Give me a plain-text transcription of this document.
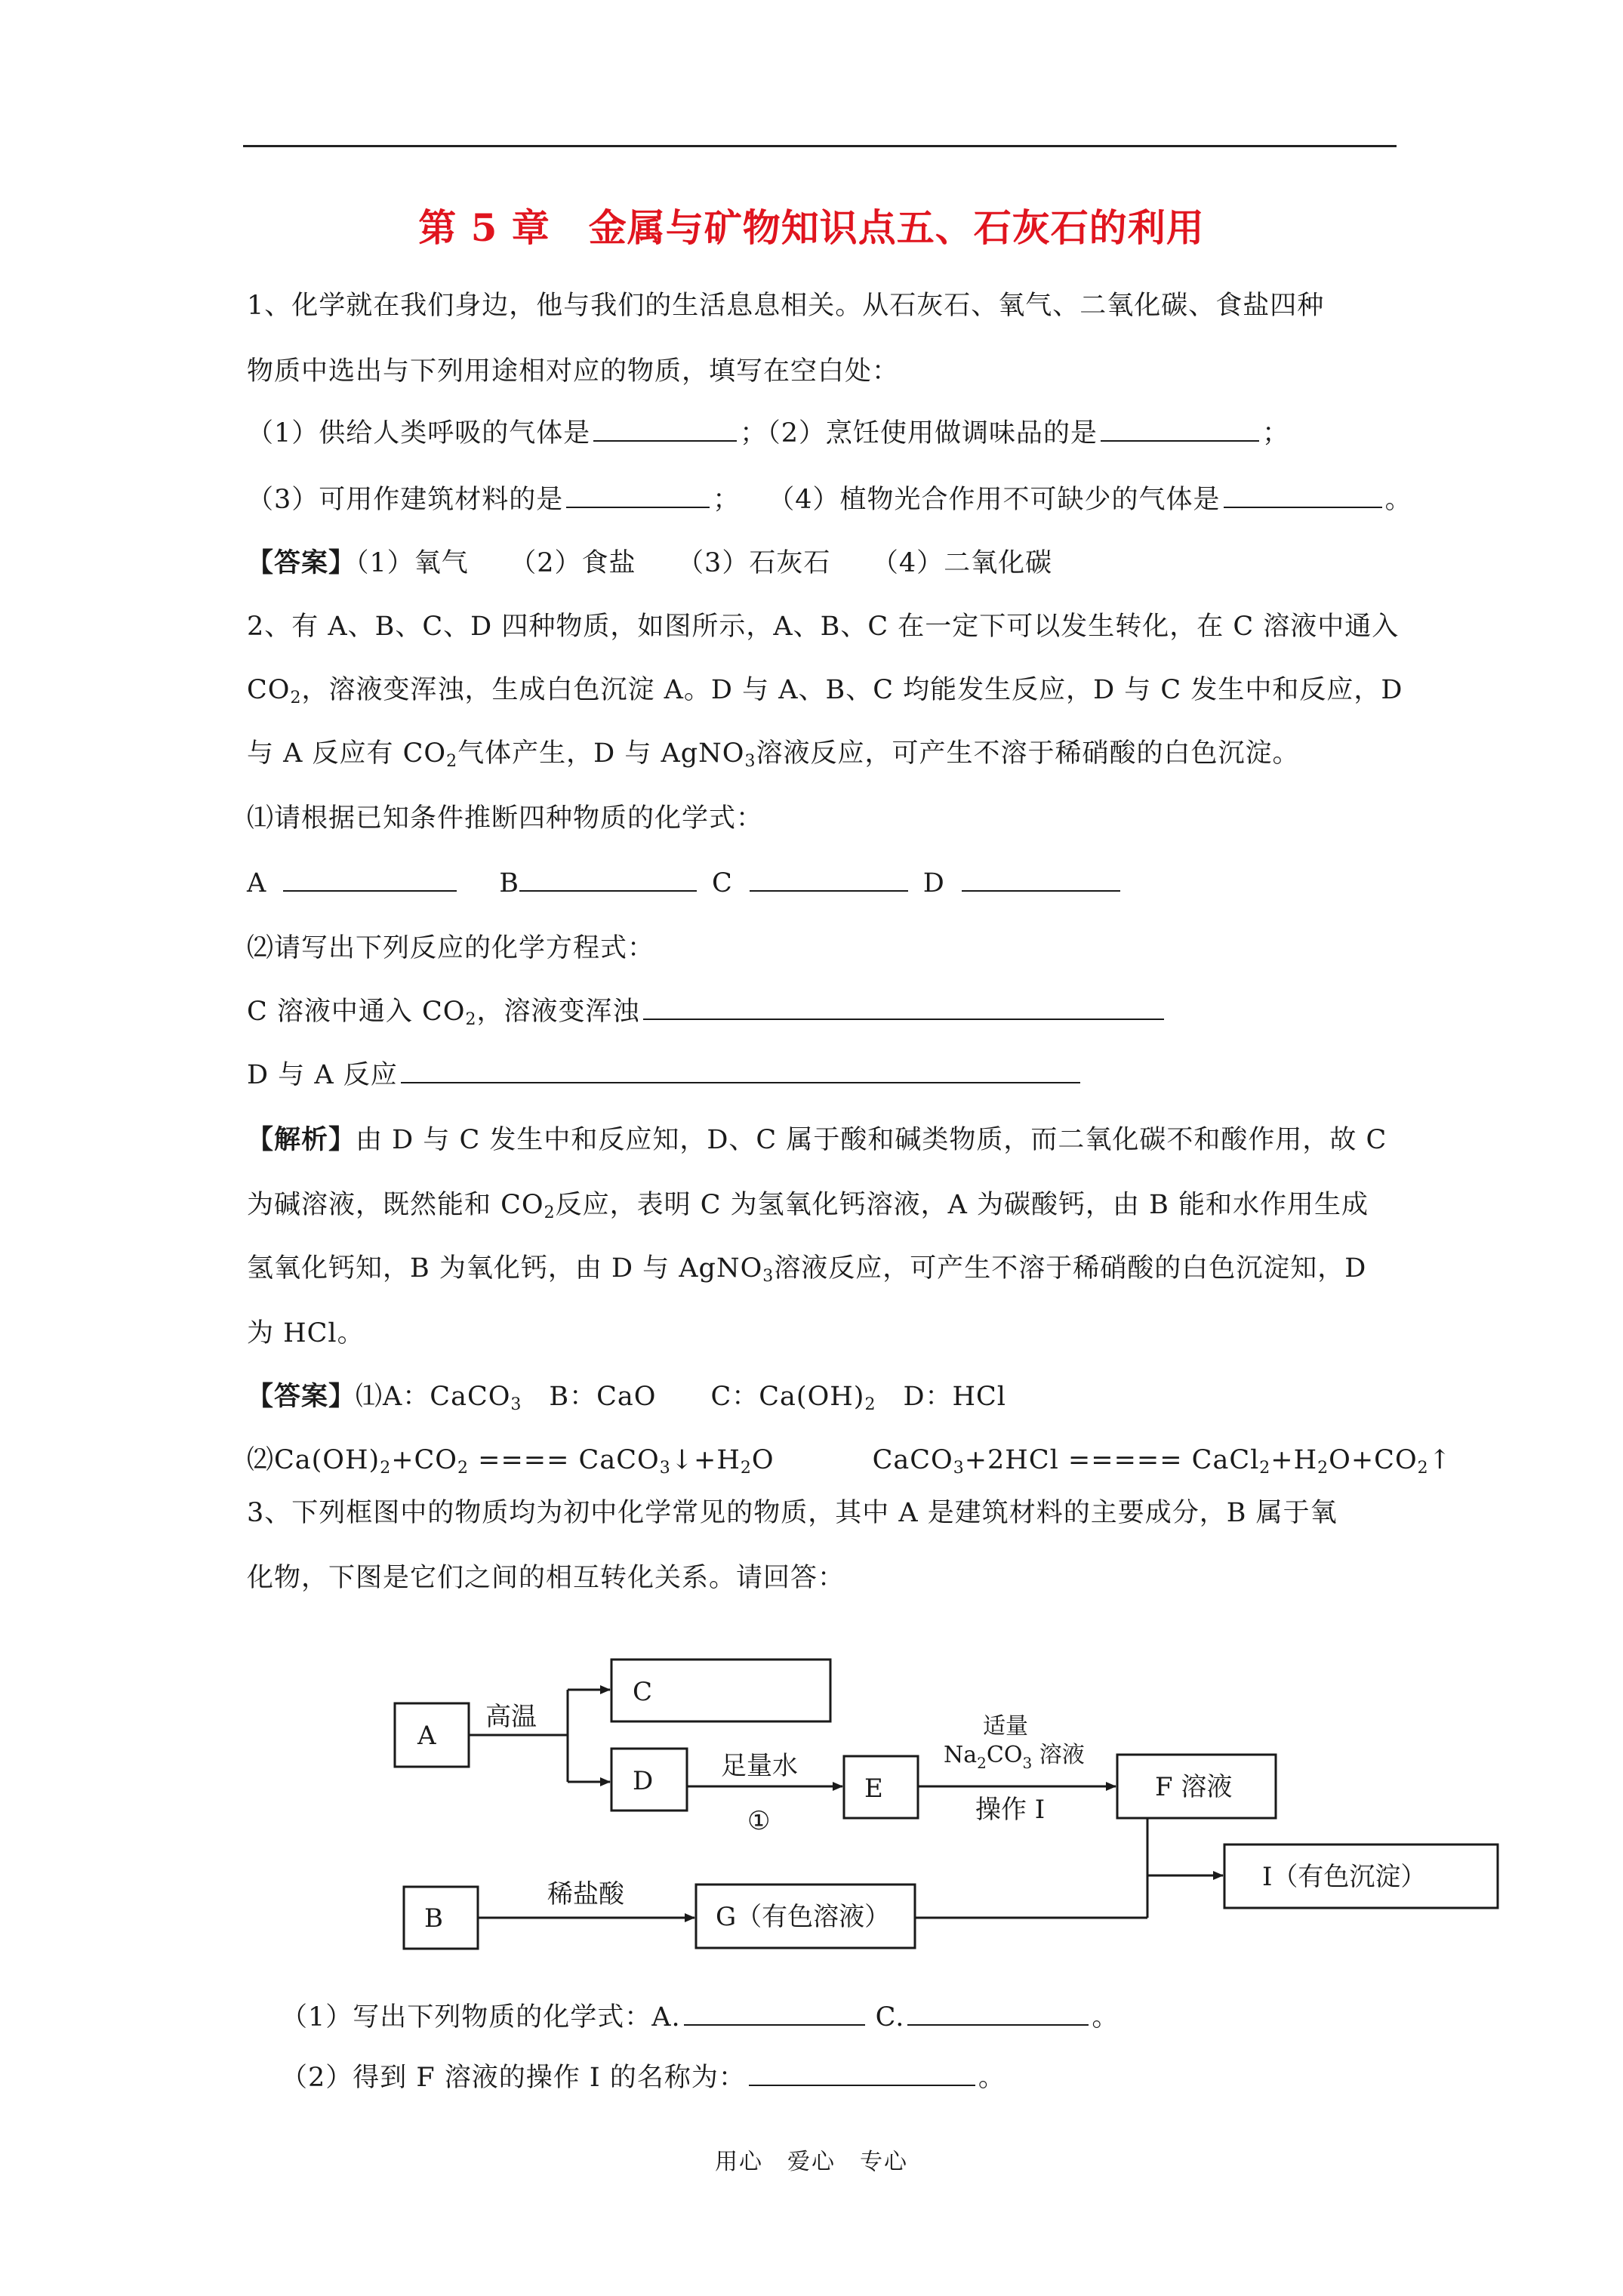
第 5 章　金属与矿物知识点五、石灰石的利用
1、化学就在我们身边，他与我们的生活息息相关。从石灰石、氧气、二氧化碳、食盐四种
物质中选出与下列用途相对应的物质，填写在空白处：
（1）供给人类呼吸的气体是	；（2）烹饪使用做调味品的是	；
（3）可用作建筑材料的是	；　　（4）植物光合作用不可缺少的气体是	。
【答案】（1）氧气　　（2）食盐　　（3）石灰石　　（4）二氧化碳
2、有 A、B、C、D 四种物质，如图所示，A、B、C 在一定下可以发生转化，在 C 溶液中通入
$CO_2$，溶液变浑浊，生成白色沉淀 A。D 与 A、B、C 均能发生反应，D 与 C 发生中和反应，D
与 A 反应有 $CO_2$气体产生，D 与 AgNO$_3$溶液反应，可产生不溶于稀硝酸的白色沉淀。
⑴请根据已知条件推断四种物质的化学式：
A	B	C	D
⑵请写出下列反应的化学方程式：
C 溶液中通入 $CO_2$，溶液变浑浊
D 与 A 反应
【解析】由 D 与 C 发生中和反应知，D、C 属于酸和碱类物质，而二氧化碳不和酸作用，故 C
为碱溶液，既然能和 $CO_2$反应，表明 C 为氢氧化钙溶液，A 为碳酸钙，由 B 能和水作用生成
氢氧化钙知，B 为氧化钙，由 D 与 AgNO$_3$溶液反应，可产生不溶于稀硝酸的白色沉淀知，D
为 HCl。
【答案】⑴A：CaCO$_3$　B：CaO　　C：$Ca(OH)_2$　D：HCl
$⑵Ca(OH)_2+CO_2$ ==== $CaCO_3↓+H_2O$	CaCO$_3$+2HCl ===== $CaCl_2+H_2O+CO_2↑$
3、下列框图中的物质均为初中化学常见的物质，其中 A 是建筑材料的主要成分，B 属于氧
化物，下图是它们之间的相互转化关系。请回答：
A
C
D	E	F 溶液
I（有色沉淀）
B	G（有色溶液）
高温
足量水
①
适量
$Na_2CO_3$ 溶液
操作 I
稀盐酸
（1）写出下列物质的化学式：A.	C.	。
（2）得到 F 溶液的操作 I 的名称为：	。
用心　爱心　专心
